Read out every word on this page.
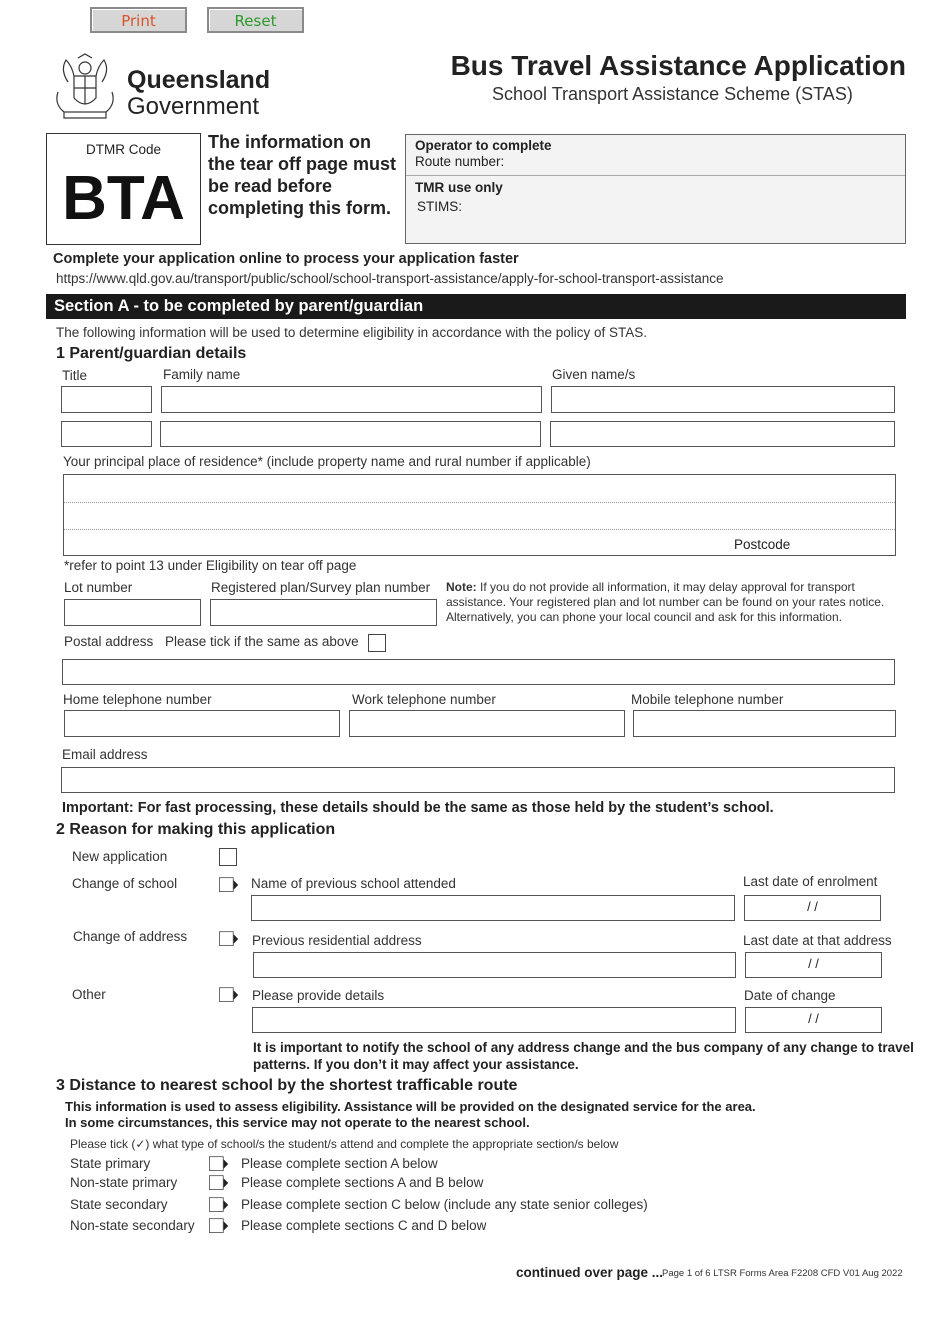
Print	Reset
Queensland
Government
Bus Travel Assistance Application
School Transport Assistance Scheme (STAS)
DTMR Code
BTA
The information on the tear off page must be read before completing this form.
Operator to complete
Route number:
TMR use only
STIMS:
Complete your application online to process your application faster
https://www.qld.gov.au/transport/public/school/school-transport-assistance/apply-for-school-transport-assistance
Section A - to be completed by parent/guardian
The following information will be used to determine eligibility in accordance with the policy of STAS.
1 Parent/guardian details
Title	Family name	Given name/s
Your principal place of residence* (include property name and rural number if applicable)
Postcode
*refer to point 13 under Eligibility on tear off page
Lot number	Registered plan/Survey plan number Note: If you do not provide all information, it may delay approval for transport
assistance. Your registered plan and lot number can be found on your rates notice.
Alternatively, you can phone your local council and ask for this information.
Postal address Please tick if the same as above
Home telephone number	Work telephone number	Mobile telephone number
Email address
Important: For fast processing, these details should be the same as those held by the student’s school.
2 Reason for making this application
New application
Change of school	Name of previous school attended	Last date of enrolment
/ /
Change of address	Previous residential address	Last date at that address
/ /
Other	Please provide details	Date of change
/ /
It is important to notify the school of any address change and the bus company of any change to travel
patterns. If you don’t it may affect your assistance.
3 Distance to nearest school by the shortest trafficable route
This information is used to assess eligibility. Assistance will be provided on the designated service for the area.
In some circumstances, this service may not operate to the nearest school.
Please tick (✓) what type of school/s the student/s attend and complete the appropriate section/s below
State primary	Please complete section A below
Non-state primary	Please complete sections A and B below
State secondary	Please complete section C below (include any state senior colleges)
Non-state secondary	Please complete sections C and D below
continued over page ...
Page 1 of 6 LTSR Forms Area F2208 CFD V01 Aug 2022
